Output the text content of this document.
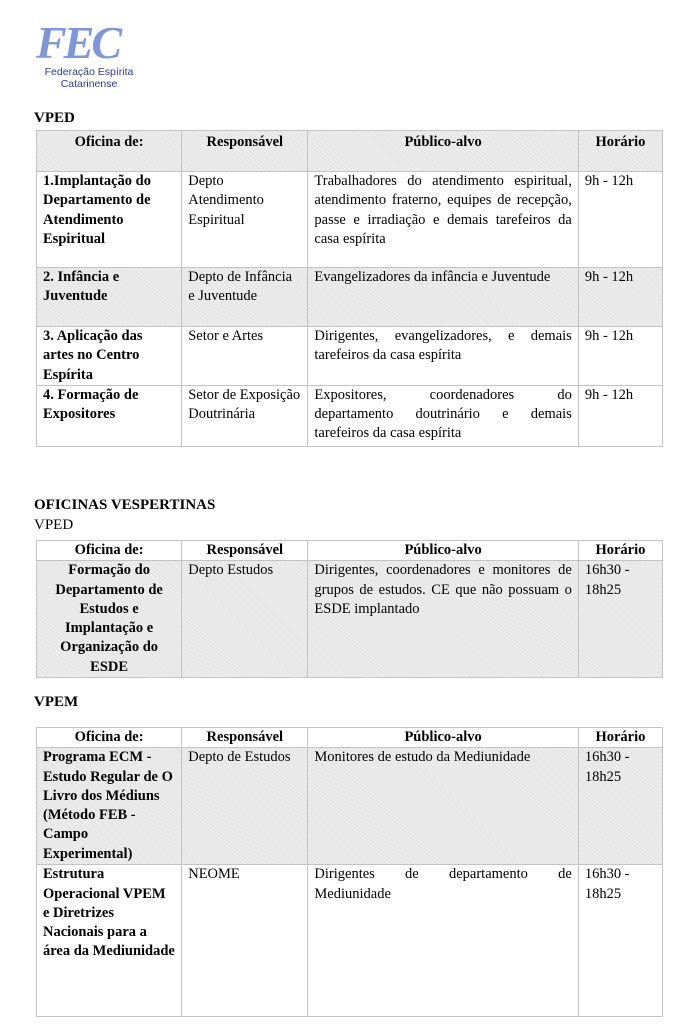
FEC
Federação Espírita
Catarinense
VPED
Oficina de:	Responsável	Público-alvo	Horário
1.Implantação do Departamento de Atendimento Espiritual	Depto Atendimento Espiritual	Trabalhadores do atendimento espiritual, atendimento fraterno, equipes de recepção, passe e irradiação e demais tarefeiros da casa espírita	9h - 12h
2. Infância e Juventude	Depto de Infância e Juventude	Evangelizadores da infância e Juventude	9h - 12h
3. Aplicação das artes no Centro Espírita	Setor e Artes	Dirigentes, evangelizadores, e demais tarefeiros da casa espírita	9h - 12h
4. Formação de Expositores	Setor de Exposição Doutrinária	Expositores, coordenadores do departamento doutrinário e demais tarefeiros da casa espírita	9h - 12h
OFICINAS VESPERTINAS
VPED
Oficina de:	Responsável	Público-alvo	Horário
Formação do Departamento de Estudos e Implantação e Organização do ESDE	Depto Estudos	Dirigentes, coordenadores e monitores de grupos de estudos. CE que não possuam o ESDE implantado	16h30 - 18h25
VPEM
Oficina de:	Responsável	Público-alvo	Horário
Programa ECM - Estudo Regular de O Livro dos Médiuns (Método FEB - Campo Experimental)	Depto de Estudos	Monitores de estudo da Mediunidade	16h30 - 18h25
Estrutura Operacional VPEM e Diretrizes Nacionais para a área da Mediunidade	NEOME	Dirigentes de departamento de Mediunidade	16h30 - 18h25
